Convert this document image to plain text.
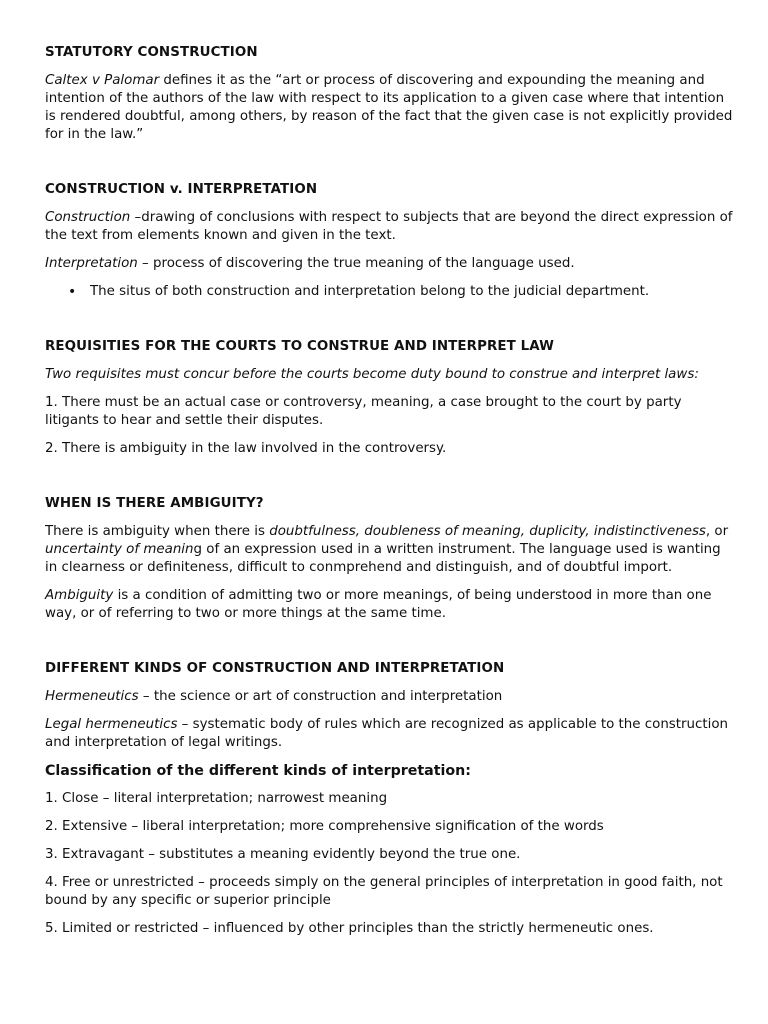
STATUTORY CONSTRUCTION

Caltex v Palomar defines it as the “art or process of discovering and expounding the meaning and intention of the authors of the law with respect to its application to a given case where that intention is rendered doubtful, among others, by reason of the fact that the given case is not explicitly provided for in the law.”

CONSTRUCTION v. INTERPRETATION

Construction –drawing of conclusions with respect to subjects that are beyond the direct expression of the text from elements known and given in the text.

Interpretation – process of discovering the true meaning of the language used.

• The situs of both construction and interpretation belong to the judicial department.
REQUISITIES FOR THE COURTS TO CONSTRUE AND INTERPRET LAW

Two requisites must concur before the courts become duty bound to construe and interpret laws:

1. There must be an actual case or controversy, meaning, a case brought to the court by party litigants to hear and settle their disputes.

2. There is ambiguity in the law involved in the controversy.

WHEN IS THERE AMBIGUITY?

There is ambiguity when there is doubtfulness, doubleness of meaning, duplicity, indistinctiveness, or uncertainty of meaning of an expression used in a written instrument. The language used is wanting in clearness or definiteness, difficult to conmprehend and distinguish, and of doubtful import.

Ambiguity is a condition of admitting two or more meanings, of being understood in more than one way, or of referring to two or more things at the same time.

DIFFERENT KINDS OF CONSTRUCTION AND INTERPRETATION

Hermeneutics – the science or art of construction and interpretation

Legal hermeneutics – systematic body of rules which are recognized as applicable to the construction and interpretation of legal writings.

Classification of the different kinds of interpretation:

1. Close – literal interpretation; narrowest meaning

2. Extensive – liberal interpretation; more comprehensive signification of the words

3. Extravagant – substitutes a meaning evidently beyond the true one.

4. Free or unrestricted – proceeds simply on the general principles of interpretation in good faith, not bound by any specific or superior principle

5. Limited or restricted – influenced by other principles than the strictly hermeneutic ones.
